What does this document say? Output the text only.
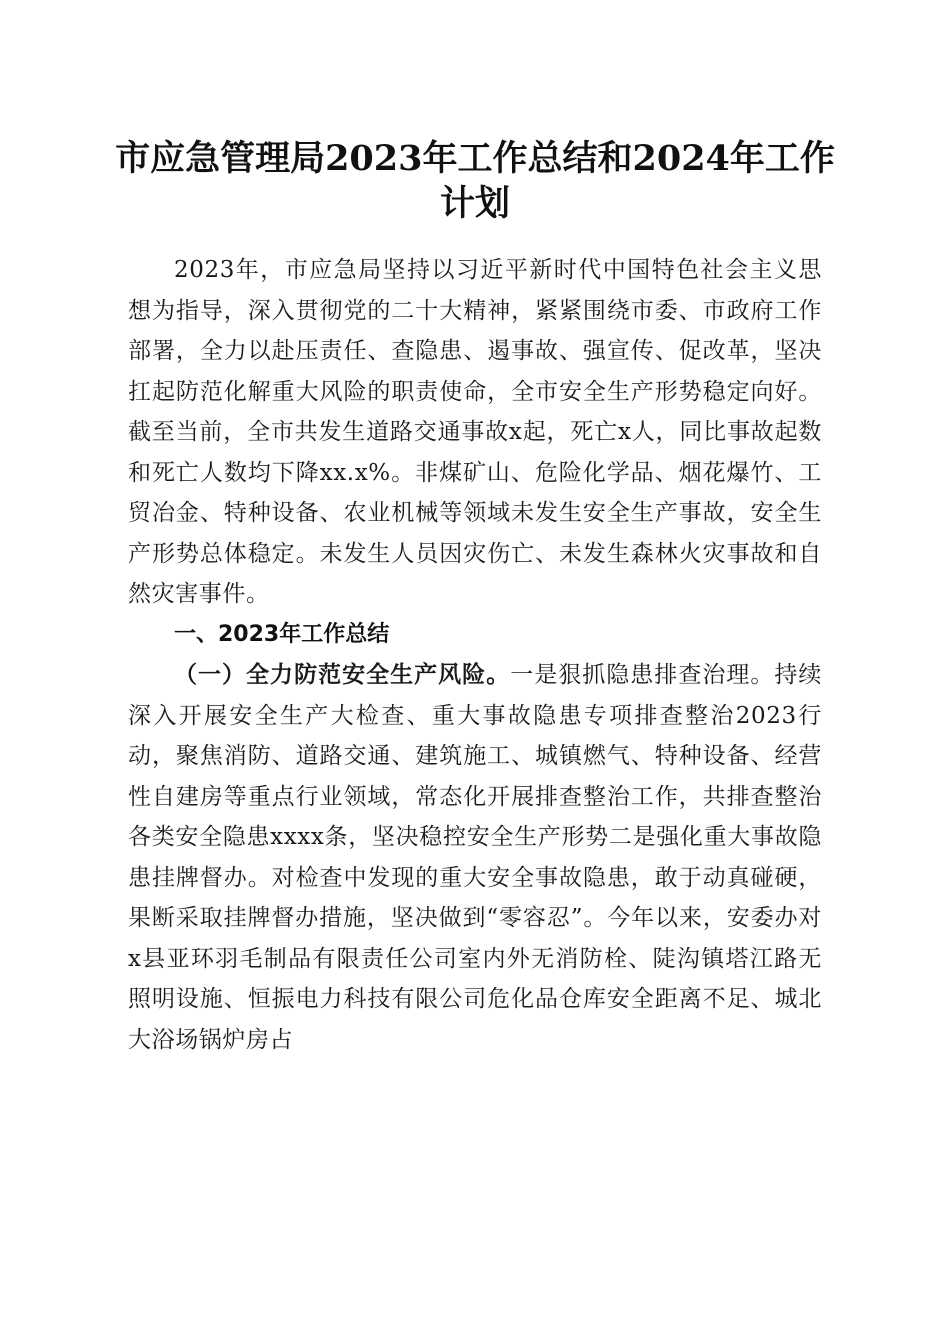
市应急管理局2023年工作总结和2024年工作
计划

2023年，市应急局坚持以习近平新时代中国特色社会主义思想为指导，深入贯彻党的二十大精神，紧紧围绕市委、市政府工作部署，全力以赴压责任、查隐患、遏事故、强宣传、促改革，坚决扛起防范化解重大风险的职责使命，全市安全生产形势稳定向好。截至当前，全市共发生道路交通事故x起，死亡x人，同比事故起数和死亡人数均下降xx.x%。非煤矿山、危险化学品、烟花爆竹、工贸冶金、特种设备、农业机械等领域未发生安全生产事故，安全生产形势总体稳定。未发生人员因灾伤亡、未发生森林火灾事故和自然灾害事件。

一、2023年工作总结

（一）全力防范安全生产风险。一是狠抓隐患排查治理。持续深入开展安全生产大检查、重大事故隐患专项排查整治2023行动，聚焦消防、道路交通、建筑施工、城镇燃气、特种设备、经营性自建房等重点行业领域，常态化开展排查整治工作，共排查整治各类安全隐患xxxx条，坚决稳控安全生产形势二是强化重大事故隐患挂牌督办。对检查中发现的重大安全事故隐患，敢于动真碰硬，果断采取挂牌督办措施，坚决做到“零容忍”。今年以来，安委办对x县亚环羽毛制品有限责任公司室内外无消防栓、陡沟镇塔江路无照明设施、恒振电力科技有限公司危化品仓库安全距离不足、城北大浴场锅炉房占
